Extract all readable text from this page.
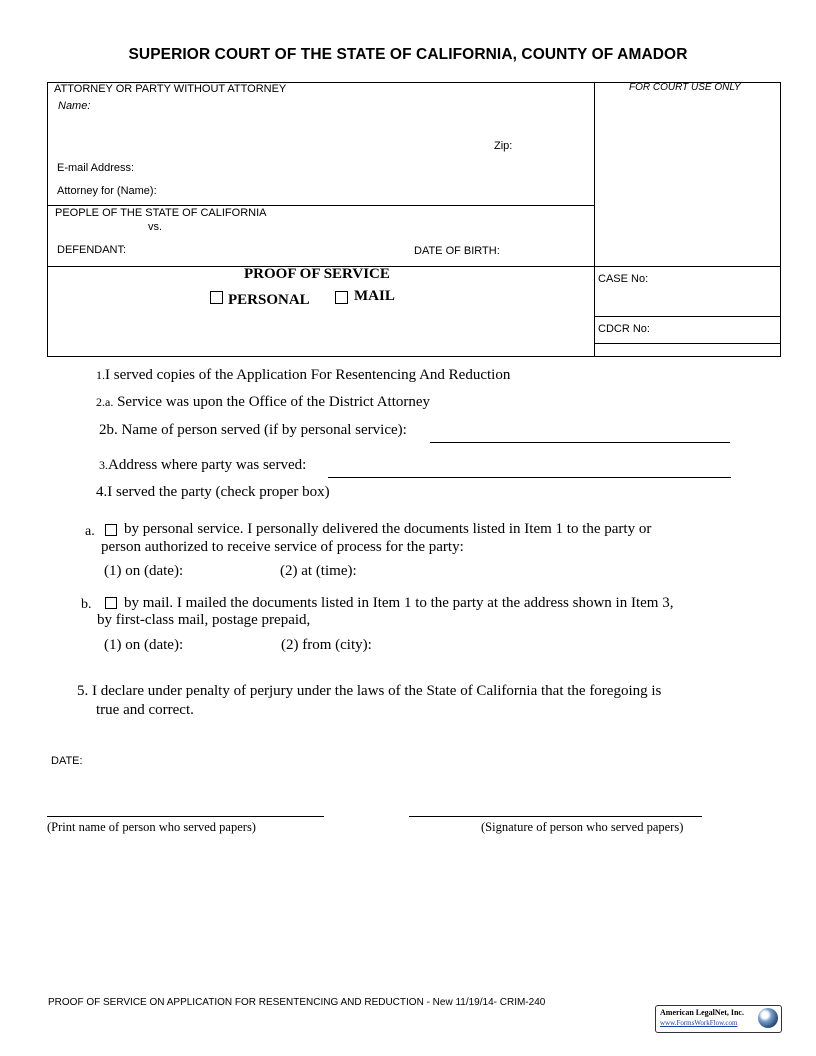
SUPERIOR COURT OF THE STATE OF CALIFORNIA, COUNTY OF AMADOR
ATTORNEY OR PARTY WITHOUT ATTORNEY
Name:
Zip:
E-mail Address:
Attorney for (Name):
FOR COURT USE ONLY
PEOPLE OF THE STATE OF CALIFORNIA
vs.
DEFENDANT:	DATE OF BIRTH:
PROOF OF SERVICE
PERSONAL	MAIL
CASE No:
CDCR No:
1.I served copies of the Application For Resentencing And Reduction
2.a. Service was upon the Office of the District Attorney
2b. Name of person served (if by personal service):
3.Address where party was served:
4.I served the party (check proper box)
a. by personal service. I personally delivered the documents listed in Item 1 to the party or
person authorized to receive service of process for the party:
(1) on (date):	(2) at (time):
b. by mail. I mailed the documents listed in Item 1 to the party at the address shown in Item 3,
by first-class mail, postage prepaid,
(1) on (date):	(2) from (city):
5. I declare under penalty of perjury under the laws of the State of California that the foregoing is
true and correct.
DATE:
(Print name of person who served papers)	(Signature of person who served papers)
PROOF OF SERVICE ON APPLICATION FOR RESENTENCING AND REDUCTION - New 11/19/14- CRIM-240
American LegalNet, Inc.
www.FormsWorkFlow.com
